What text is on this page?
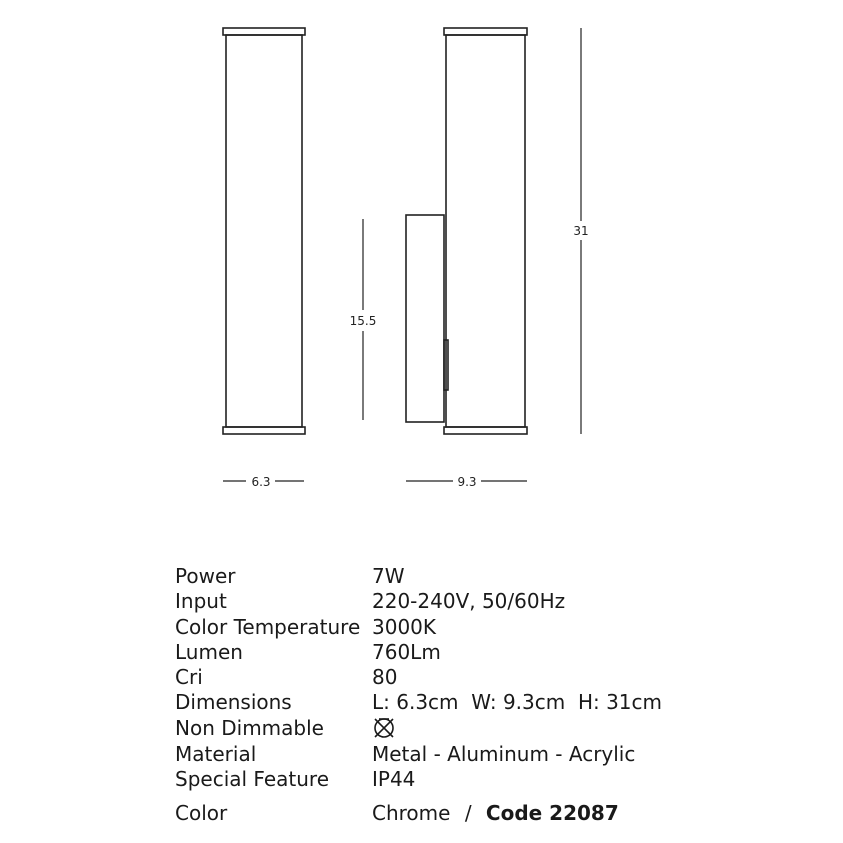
15.5
31
6.3	9.3
Power	7W
Input	220-240V, 50/60Hz
Color Temperature 3000K
Lumen	760Lm
Cri	80
Dimensions	L: 6.3cm  W: 9.3cm  H: 31cm
Non Dimmable
Material	Metal - Aluminum - Acrylic
Special Feature	IP44
Color	Chrome / Code 22087
